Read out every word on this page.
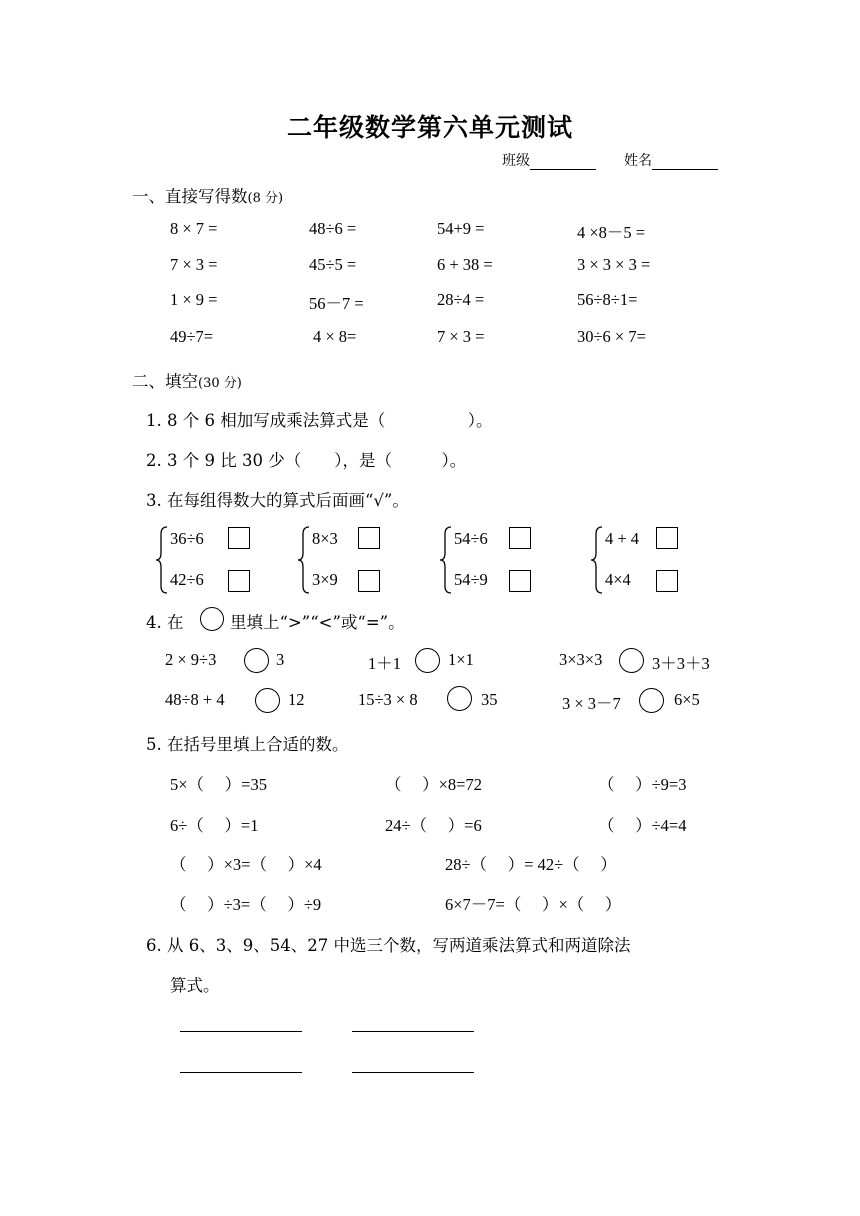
二年级数学第六单元测试
班级	姓名
一、直接写得数(8 分)
8 × 7 =	48÷6 =	54+9 =	4 ×8－5 =
7 × 3 =	45÷5 =	6 + 38 =	3 × 3 × 3 =
1 × 9 =	56－7 =	28÷4 =	56÷8÷1=
49÷7=	4 × 8=	7 × 3 =	30÷6 × 7=
二、填空(30 分)
1. 8 个 6 相加写成乘法算式是（　　　　　）。
2. 3 个 9 比 30 少（　　），是（　　　）。
3. 在每组得数大的算式后面画“√”。
36÷6
42÷6
8×3
3×9
54÷6
54÷9
4 + 4
4×4
4. 在	里填上“>”“<”或“=”。
2 × 9÷3	3	1＋1	1×1	3×3×3	3＋3＋3
48÷8 + 4	12	15÷3 × 8	35	3 × 3－7	6×5
5. 在括号里填上合适的数。
5×（　 ）=35	（　 ）×8=72	（　 ）÷9=3
6÷（　 ）=1	24÷（　 ）=6	（　 ）÷4=4
（　 ）×3=（　 ）×4	28÷（　 ）= 42÷（　 ）
（　 ）÷3=（　 ）÷9	6×7－7=（　 ）×（　 ）
6. 从 6、3、9、54、27 中选三个数，写两道乘法算式和两道除法
算式。
